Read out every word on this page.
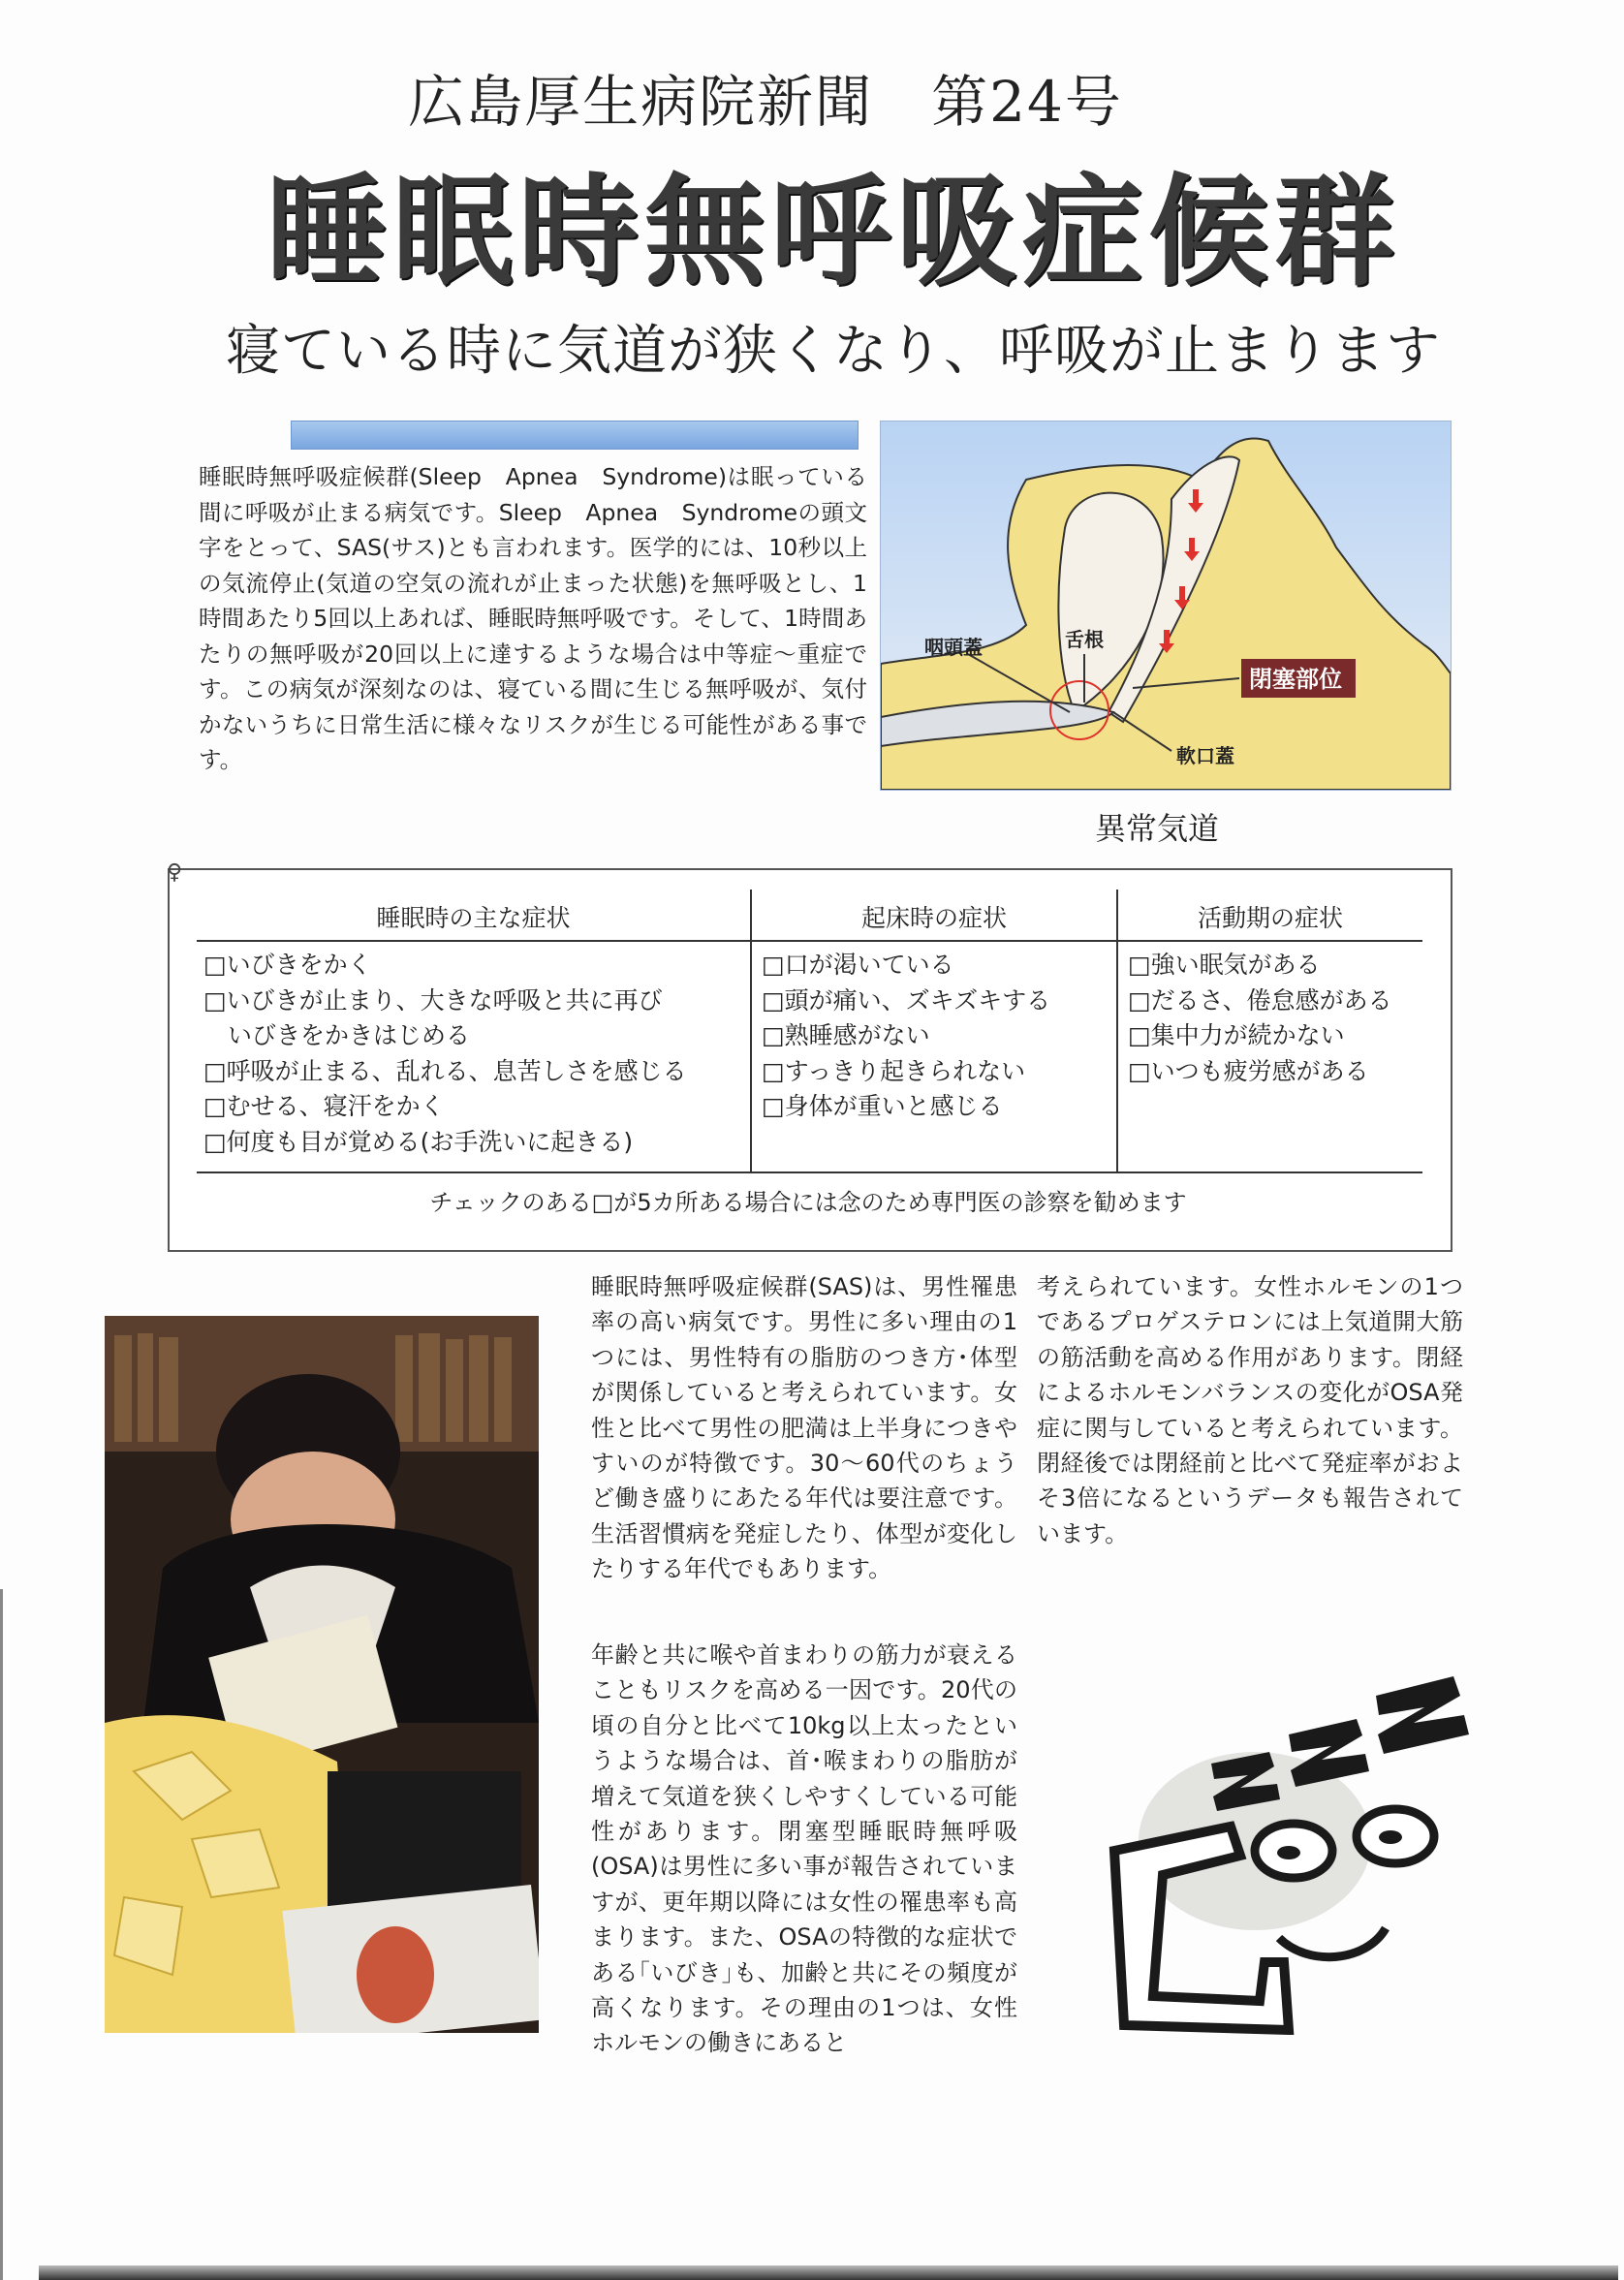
広島厚生病院新聞　第24号
睡眠時無呼吸症候群
寝ている時に気道が狭くなり、呼吸が止まります
睡眠時無呼吸症候群(Sleep　Apnea　Syndrome)は眠っている間に呼吸が止まる病気です。Sleep　Apnea　Syndromeの頭文字をとって、SAS(サス)とも言われます。医学的には、10秒以上の気流停止(気道の空気の流れが止まった状態)を無呼吸とし、1時間あたり5回以上あれば、睡眠時無呼吸です。そして、1時間あたりの無呼吸が20回以上に達するような場合は中等症～重症です。この病気が深刻なのは、寝ている間に生じる無呼吸が、気付かないうちに日常生活に様々なリスクが生じる可能性がある事です。
咽頭蓋	舌根
閉塞部位
軟口蓋
異常気道
♀
睡眠時の主な症状	起床時の症状	活動期の症状
□いびきをかく
□いびきが止まり、大きな呼吸と共に再び
　いびきをかきはじめる
□呼吸が止まる、乱れる、息苦しさを感じる
□むせる、寝汗をかく
□何度も目が覚める(お手洗いに起きる)
□口が渇いている
□頭が痛い、ズキズキする
□熟睡感がない
□すっきり起きられない
□身体が重いと感じる
□強い眠気がある
□だるさ、倦怠感がある
□集中力が続かない
□いつも疲労感がある
チェックのある□が5カ所ある場合には念のため専門医の診察を勧めます
睡眠時無呼吸症候群(SAS)は、男性罹患率の高い病気です。男性に多い理由の1つには、男性特有の脂肪のつき方･体型が関係していると考えられています。女性と比べて男性の肥満は上半身につきやすいのが特徴です。30～60代のちょうど働き盛りにあたる年代は要注意です。生活習慣病を発症したり、体型が変化したりする年代でもあります。
年齢と共に喉や首まわりの筋力が衰えることもリスクを高める一因です。20代の頃の自分と比べて10kg以上太ったというような場合は、首･喉まわりの脂肪が増えて気道を狭くしやすくしている可能性があります。閉塞型睡眠時無呼吸(OSA)は男性に多い事が報告されていますが、更年期以降には女性の罹患率も高まります。また、OSAの特徴的な症状である｢いびき｣も、加齢と共にその頻度が高くなります。その理由の1つは、女性ホルモンの働きにあると
考えられています。女性ホルモンの1つであるプロゲステロンには上気道開大筋の筋活動を高める作用があります。閉経によるホルモンバランスの変化がOSA発症に関与していると考えられています。閉経後では閉経前と比べて発症率がおよそ3倍になるというデータも報告されています。
